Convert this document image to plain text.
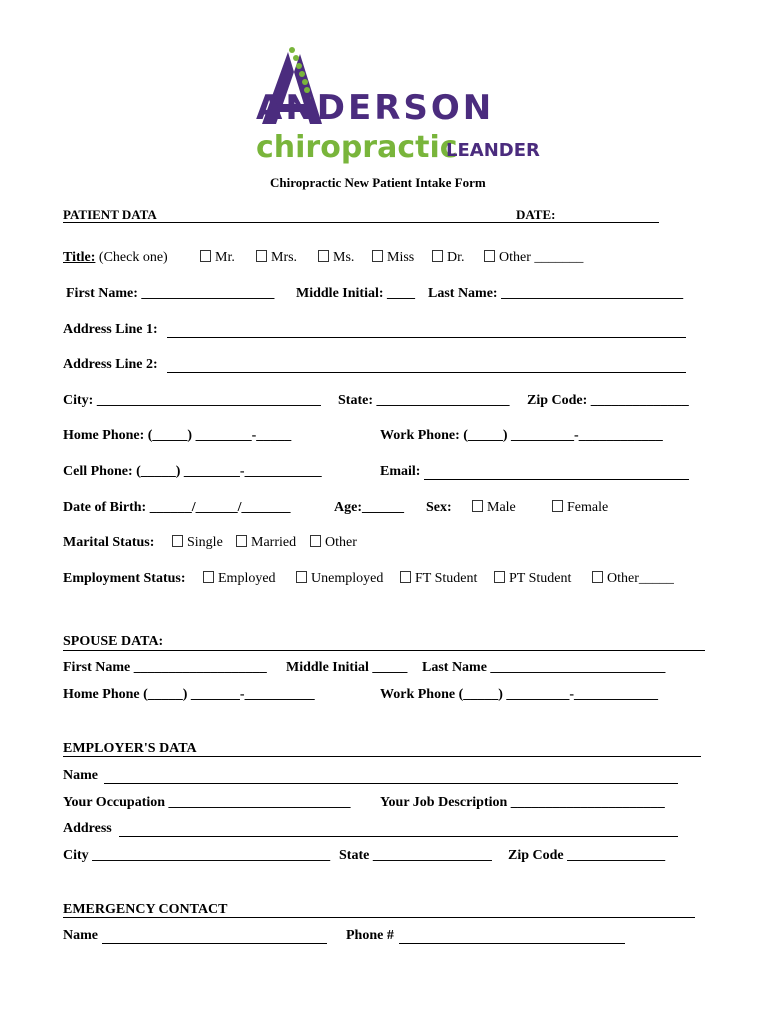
ANDERSON
chiropractic
LEANDER
Chiropractic New Patient Intake Form
PATIENT DATA	DATE:
Title: (Check one)	Mr.	Mrs.	Ms.	Miss	Dr.	Other _______
First Name: ___________________ Middle Initial: ____ Last Name: __________________________
Address Line 1:
Address Line 2:
City: ________________________________ State: ___________________ Zip Code: ______________
Home Phone: (_____) ________-_____	Work Phone: (_____) _________-____________
Cell Phone: (_____) ________-___________	Email:
Date of Birth: ______/______/_______	Age:______ Sex:	Male	Female
Marital Status:	Single	Married	Other
Employment Status:	Employed	Unemployed	FT Student	PT Student	Other_____
SPOUSE DATA:
First Name ___________________ Middle Initial _____ Last Name _________________________
Home Phone (_____) _______-__________	Work Phone (_____) _________-____________
EMPLOYER'S DATA
Name
Your Occupation __________________________ Your Job Description ______________________
Address
City __________________________________ State _________________ Zip Code ______________
EMERGENCY CONTACT
Name	Phone #
